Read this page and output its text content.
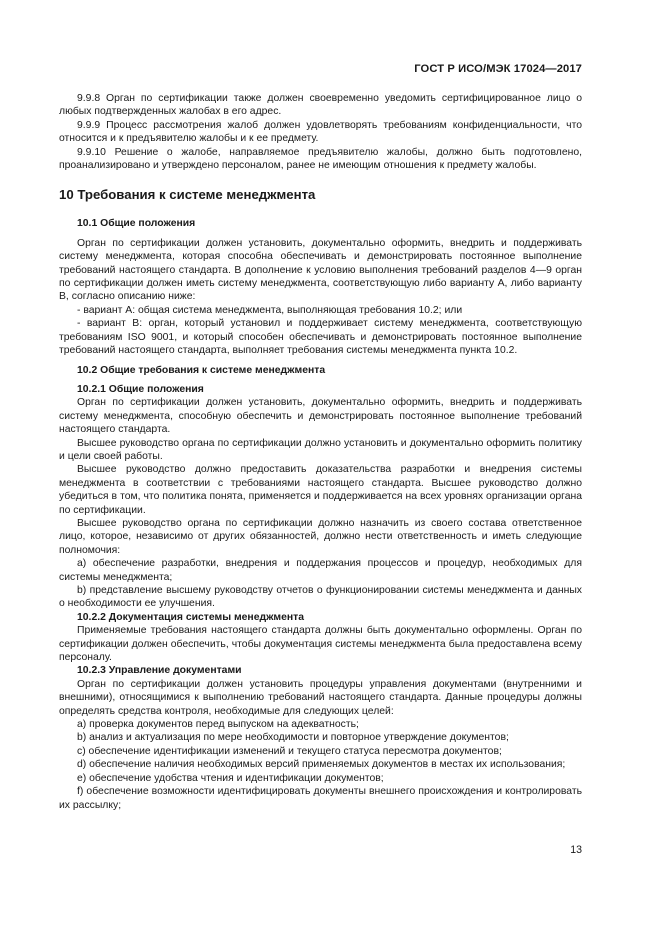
ГОСТ Р ИСО/МЭК 17024—2017

9.9.8 Орган по сертификации также должен своевременно уведомить сертифицированное лицо о любых подтвержденных жалобах в его адрес.

9.9.9 Процесс рассмотрения жалоб должен удовлетворять требованиям конфиденциальности, что относится и к предъявителю жалобы и к ее предмету.

9.9.10 Решение о жалобе, направляемое предъявителю жалобы, должно быть подготовлено, проанализировано и утверждено персоналом, ранее не имеющим отношения к предмету жалобы.

10 Требования к системе менеджмента
10.1 Общие положения

Орган по сертификации должен установить, документально оформить, внедрить и поддерживать систему менеджмента, которая способна обеспечивать и демонстрировать постоянное выполнение требований настоящего стандарта. В дополнение к условию выполнения требований разделов 4—9 орган по сертификации должен иметь систему менеджмента, соответствующую либо варианту А, либо варианту В, согласно описанию ниже:

- вариант А: общая система менеджмента, выполняющая требования 10.2; или

- вариант В: орган, который установил и поддерживает систему менеджмента, соответствующую требованиям ISO 9001, и который способен обеспечивать и демонстрировать постоянное выполнение требований настоящего стандарта, выполняет требования системы менеджмента пункта 10.2.

10.2 Общие требования к системе менеджмента
10.2.1 Общие положения

Орган по сертификации должен установить, документально оформить, внедрить и поддерживать систему менеджмента, способную обеспечить и демонстрировать постоянное выполнение требований настоящего стандарта.

Высшее руководство органа по сертификации должно установить и документально оформить политику и цели своей работы.

Высшее руководство должно предоставить доказательства разработки и внедрения системы менеджмента в соответствии с требованиями настоящего стандарта. Высшее руководство должно убедиться в том, что политика понята, применяется и поддерживается на всех уровнях организации органа по сертификации.

Высшее руководство органа по сертификации должно назначить из своего состава ответственное лицо, которое, независимо от других обязанностей, должно нести ответственность и иметь следующие полномочия:

a) обеспечение разработки, внедрения и поддержания процессов и процедур, необходимых для системы менеджмента;

b) представление высшему руководству отчетов о функционировании системы менеджмента и данных о необходимости ее улучшения.

10.2.2 Документация системы менеджмента

Применяемые требования настоящего стандарта должны быть документально оформлены. Орган по сертификации должен обеспечить, чтобы документация системы менеджмента была предоставлена всему персоналу.

10.2.3 Управление документами

Орган по сертификации должен установить процедуры управления документами (внутренними и внешними), относящимися к выполнению требований настоящего стандарта. Данные процедуры должны определять средства контроля, необходимые для следующих целей:

a) проверка документов перед выпуском на адекватность;

b) анализ и актуализация по мере необходимости и повторное утверждение документов;

c) обеспечение идентификации изменений и текущего статуса пересмотра документов;

d) обеспечение наличия необходимых версий применяемых документов в местах их использования;

e) обеспечение удобства чтения и идентификации документов;

f) обеспечение возможности идентифицировать документы внешнего происхождения и контролировать их рассылку;

13
